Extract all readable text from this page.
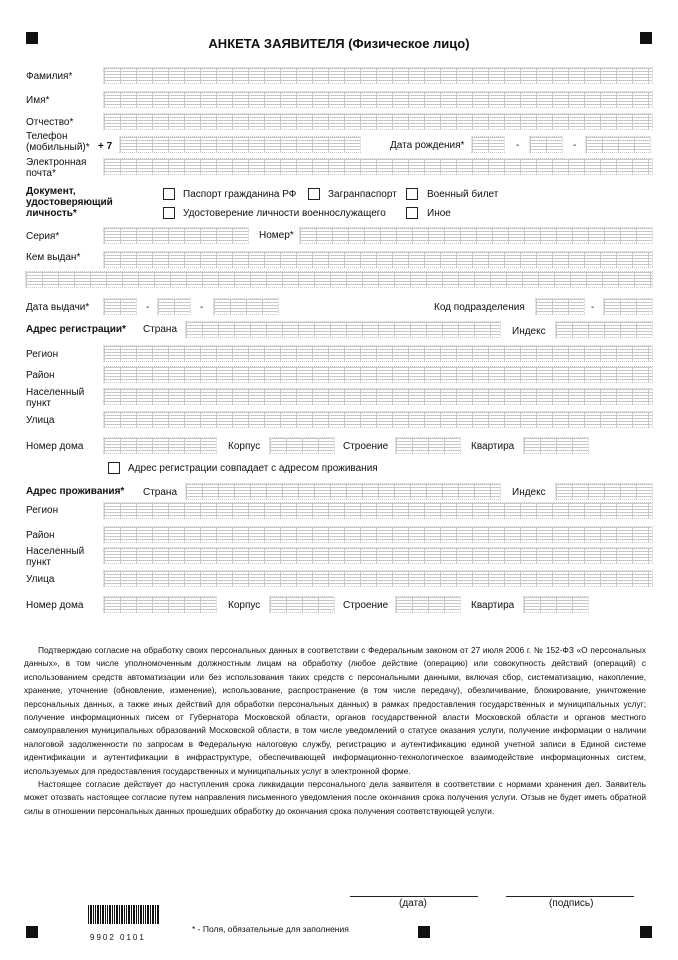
АНКЕТА ЗАЯВИТЕЛЯ (Физическое лицо)
Фамилия*
Имя*
Отчество*
Телефон (мобильный)* + 7	Дата рождения*	-	-
Электронная почта*
Документ, удостоверяющий личность*
Паспорт гражданина РФ	Загранпаспорт	Военный билет
Удостоверение личности военнослужащего	Иное
Серия*	Номер*
Кем выдан*
Дата выдачи*	-	-	Код подразделения	-
Адрес регистрации* Страна	Индекс
Регион
Район
Населенный пункт
Улица
Номер дома	Корпус	Строение	Квартира
Адрес регистрации совпадает с адресом проживания
Адрес проживания* Страна	Индекс
Регион
Район
Населенный пункт
Улица
Номер дома	Корпус	Строение	Квартира

Подтверждаю согласие на обработку своих персональных данных в соответствии с Федеральным законом от 27 июля 2006 г. № 152-ФЗ «О персональных данных», в том числе уполномоченным должностным лицам на обработку (любое действие (операцию) или совокупность действий (операций) с использованием средств автоматизации или без использования таких средств с персональными данными, включая сбор, систематизацию, накопление, хранение, уточнение (обновление, изменение), использование, распространение (в том числе передачу), обезличивание, блокирование, уничтожение персональных данных, а также иных действий для обработки персональных данных) в рамках предоставления государственных и муниципальных услуг; получение информационных писем от Губернатора Московской области, органов государственной власти Московской области и органов местного самоуправления муниципальных образований Московской области, в том числе уведомлений о статусе оказания услуги, получение информации о наличии налоговой задолженности по запросам в Федеральную налоговую службу, регистрацию и аутентификацию единой учетной записи в Единой системе идентификации и аутентификации в инфраструктуре, обеспечивающей информационно-технологическое взаимодействие информационных систем, используемых для предоставления государственных и муниципальных услуг в электронной форме.

Настоящее согласие действует до наступления срока ликвидации персонального дела заявителя в соответствии с нормами хранения дел. Заявитель может отозвать настоящее согласие путем направления письменного уведомления после окончания срока получения услуги. Отзыв не будет иметь обратной силы в отношении персональных данных прошедших обработку до окончания срока получения соответствующей услуги.

(дата)	(подпись)
9902 0101
* - Поля, обязательные для заполнения
